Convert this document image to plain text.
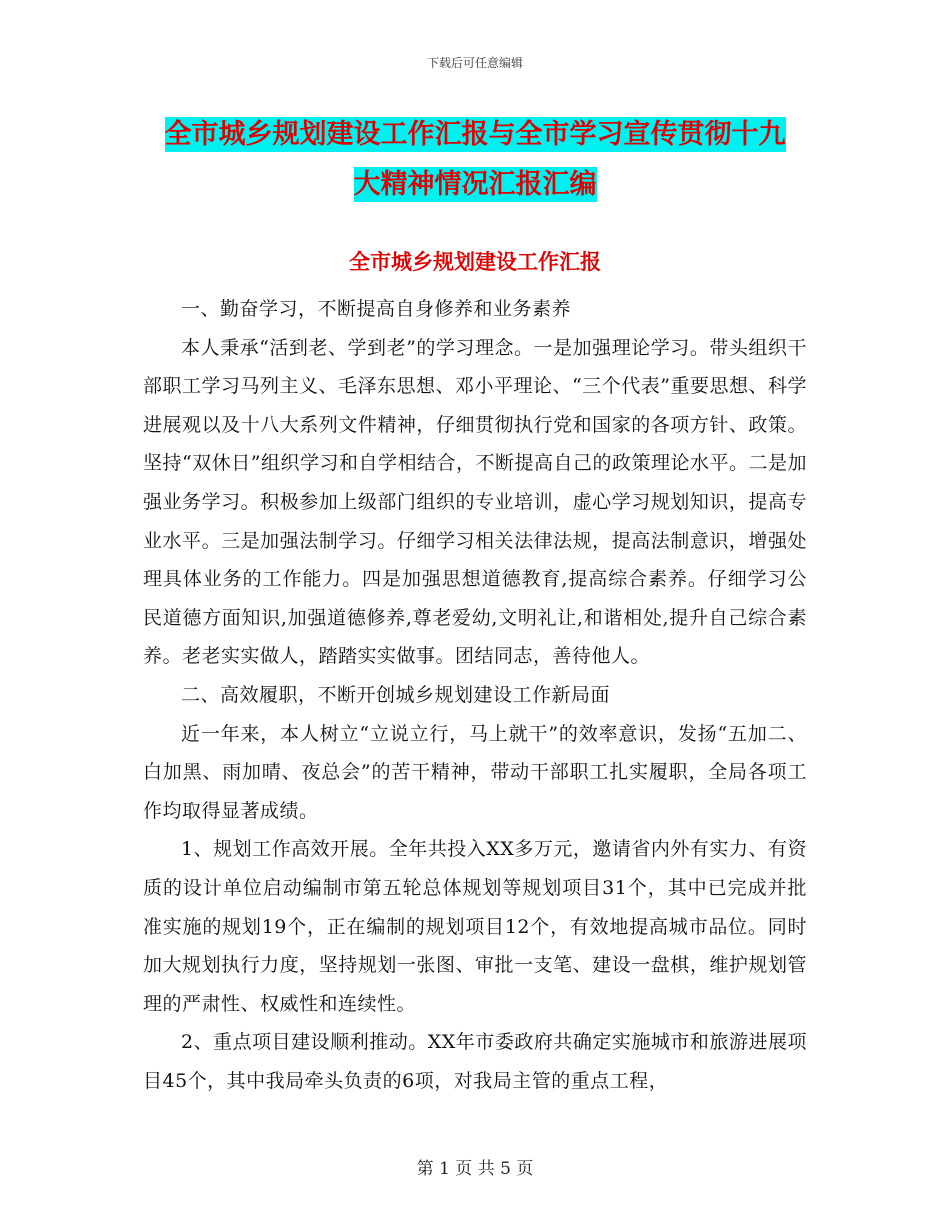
下载后可任意编辑
全市城乡规划建设工作汇报与全市学习宣传贯彻十九
大精神情况汇报汇编
全市城乡规划建设工作汇报

一、勤奋学习，不断提高自身修养和业务素养

本人秉承“活到老、学到老”的学习理念。一是加强理论学习。带头组织干部职工学习马列主义、毛泽东思想、邓小平理论、“三个代表”重要思想、科学进展观以及十八大系列文件精神，仔细贯彻执行党和国家的各项方针、政策。坚持“双休日”组织学习和自学相结合，不断提高自己的政策理论水平。二是加强业务学习。积极参加上级部门组织的专业培训，虚心学习规划知识，提高专业水平。三是加强法制学习。仔细学习相关法律法规，提高法制意识，增强处理具体业务的工作能力。四是加强思想道德教育,提高综合素养。仔细学习公民道德方面知识,加强道德修养,尊老爱幼,文明礼让,和谐相处,提升自己综合素养。老老实实做人，踏踏实实做事。团结同志，善待他人。

二、高效履职，不断开创城乡规划建设工作新局面

近一年来，本人树立“立说立行，马上就干”的效率意识，发扬“五加二、白加黑、雨加晴、夜总会”的苦干精神，带动干部职工扎实履职，全局各项工作均取得显著成绩。

1、规划工作高效开展。全年共投入XX多万元，邀请省内外有实力、有资质的设计单位启动编制市第五轮总体规划等规划项目31个，其中已完成并批准实施的规划19个，正在编制的规划项目12个，有效地提高城市品位。同时加大规划执行力度，坚持规划一张图、审批一支笔、建设一盘棋，维护规划管理的严肃性、权威性和连续性。

2、重点项目建设顺利推动。XX年市委政府共确定实施城市和旅游进展项目45个，其中我局牵头负责的6项，对我局主管的重点工程，

第 1 页 共 5 页
